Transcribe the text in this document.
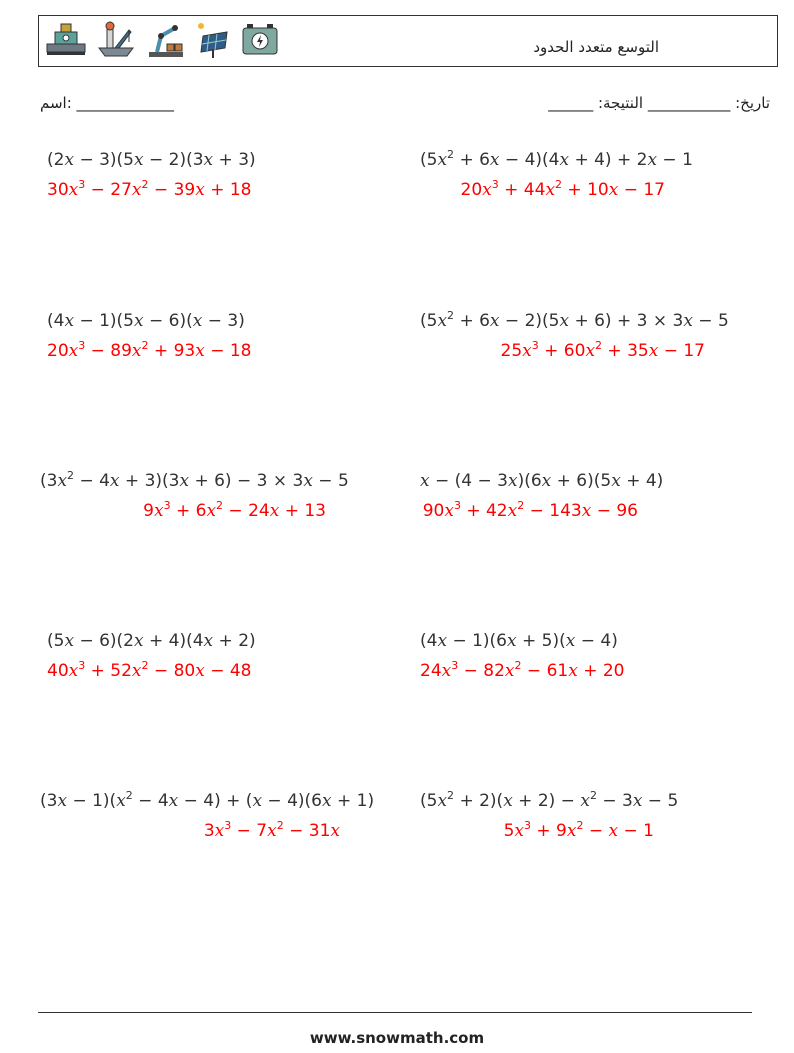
التوسع متعدد الحدود
اسم: _____________	______ :تاريخ: ___________ النتيجة
(2x − 3)(5x − 2)(3x + 3)
$30x^3 - 27x^2 - 39x + 18$
$(5x^2 + 6x - 4)(4x + 4) + 2x - 1$
$20x^3 + 44x^2 + 10x - 17$
(4x − 1)(5x − 6)(x − 3)
$20x^3 - 89x^2 + 93x - 18$
$(5x^2 + 6x - 2)(5x + 6) + 3 \times 3x - 5$
$25x^3 + 60x^2 + 35x - 17$
$(3x^2 - 4x + 3)(3x + 6) - 3 \times 3x - 5$
$9x^3 + 6x^2 - 24x + 13$
x − (4 − 3x)(6x + 6)(5x + 4)
$90x^3 + 42x^2 - 143x - 96$
(5x − 6)(2x + 4)(4x + 2)
$40x^3 + 52x^2 - 80x - 48$
(4x − 1)(6x + 5)(x − 4)
$24x^3 - 82x^2 - 61x + 20$
$(3x - 1)(x^2 - 4x - 4) + (x - 4)(6x + 1)$
$3x^3 - 7x^2 - 31x$
$(5x^2 + 2)(x + 2) - x^2 - 3x - 5$
$5x^3 + 9x^2 - x - 1$
www.snowmath.com
